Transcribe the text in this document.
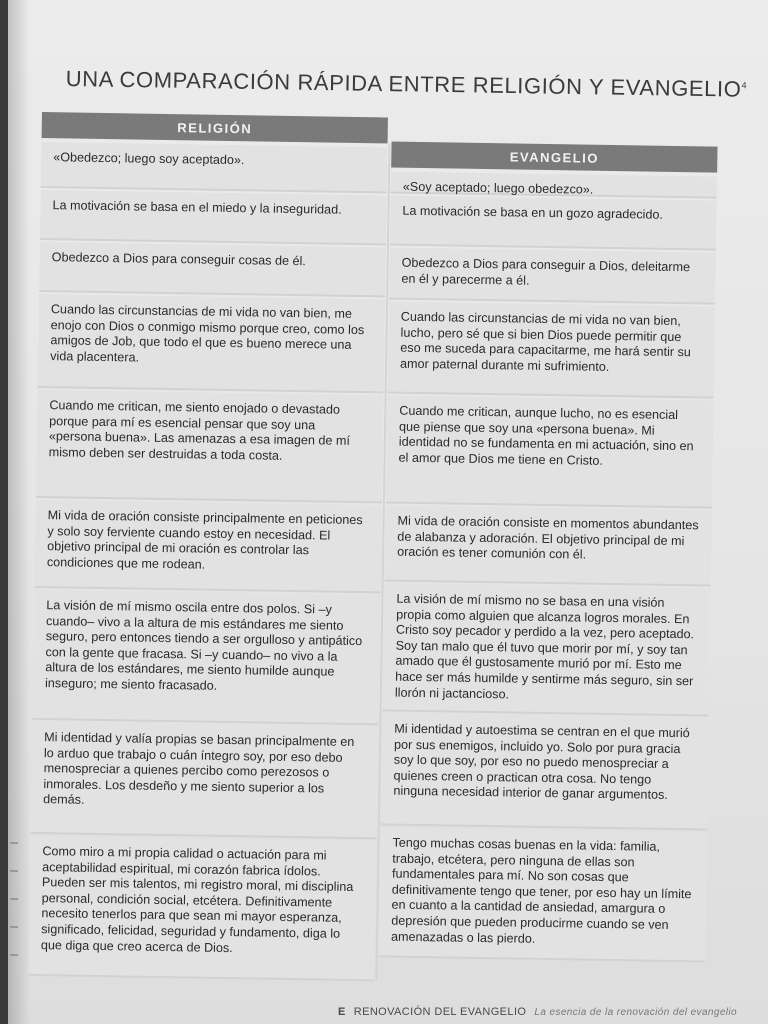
UNA COMPARACIÓN RÁPIDA ENTRE RELIGIÓN Y EVANGELIO$^4$
RELIGIÓN
EVANGELIO

«Obedezco; luego soy aceptado».

La motivación se basa en el miedo y la inseguridad.

Obedezco a Dios para conseguir cosas de él.

Cuando las circunstancias de mi vida no van bien, me enojo con Dios o conmigo mismo porque creo, como los amigos de Job, que todo el que es bueno merece una vida placentera.

Cuando me critican, me siento enojado o devastado porque para mí es esencial pensar que soy una «persona buena». Las amenazas a esa imagen de mí mismo deben ser destruidas a toda costa.

Mi vida de oración consiste principalmente en peticiones y solo soy ferviente cuando estoy en necesidad. El objetivo principal de mi oración es controlar las condiciones que me rodean.

La visión de mí mismo oscila entre dos polos. Si –y cuando– vivo a la altura de mis estándares me siento seguro, pero entonces tiendo a ser orgulloso y antipático con la gente que fracasa. Si –y cuando– no vivo a la altura de los estándares, me siento humilde aunque inseguro; me siento fracasado.

Mi identidad y valía propias se basan principalmente en lo arduo que trabajo o cuán íntegro soy, por eso debo menospreciar a quienes percibo como perezosos o inmorales. Los desdeño y me siento superior a los demás.

Como miro a mi propia calidad o actuación para mi aceptabilidad espiritual, mi corazón fabrica ídolos. Pueden ser mis talentos, mi registro moral, mi disciplina personal, condición social, etcétera. Definitivamente necesito tenerlos para que sean mi mayor esperanza, significado, felicidad, seguridad y fundamento, diga lo que diga que creo acerca de Dios.

«Soy aceptado; luego obedezco».

La motivación se basa en un gozo agradecido.

Obedezco a Dios para conseguir a Dios, deleitarme en él y parecerme a él.

Cuando las circunstancias de mi vida no van bien, lucho, pero sé que si bien Dios puede permitir que eso me suceda para capacitarme, me hará sentir su amor paternal durante mi sufrimiento.

Cuando me critican, aunque lucho, no es esencial que piense que soy una «persona buena». Mi identidad no se fundamenta en mi actuación, sino en el amor que Dios me tiene en Cristo.

Mi vida de oración consiste en momentos abundantes de alabanza y adoración. El objetivo principal de mi oración es tener comunión con él.

La visión de mí mismo no se basa en una visión propia como alguien que alcanza logros morales. En Cristo soy pecador y perdido a la vez, pero aceptado. Soy tan malo que él tuvo que morir por mí, y soy tan amado que él gustosamente murió por mí. Esto me hace ser más humilde y sentirme más seguro, sin ser llorón ni jactancioso.

Mi identidad y autoestima se centran en el que murió por sus enemigos, incluido yo. Solo por pura gracia soy lo que soy, por eso no puedo menospreciar a quienes creen o practican otra cosa. No tengo ninguna necesidad interior de ganar argumentos.

Tengo muchas cosas buenas en la vida: familia, trabajo, etcétera, pero ninguna de ellas son fundamentales para mí. No son cosas que definitivamente tengo que tener, por eso hay un límite en cuanto a la cantidad de ansiedad, amargura o depresión que pueden producirme cuando se ven amenazadas o las pierdo.

E RENOVACIÓN DEL EVANGELIO La esencia de la renovación del evangelio
